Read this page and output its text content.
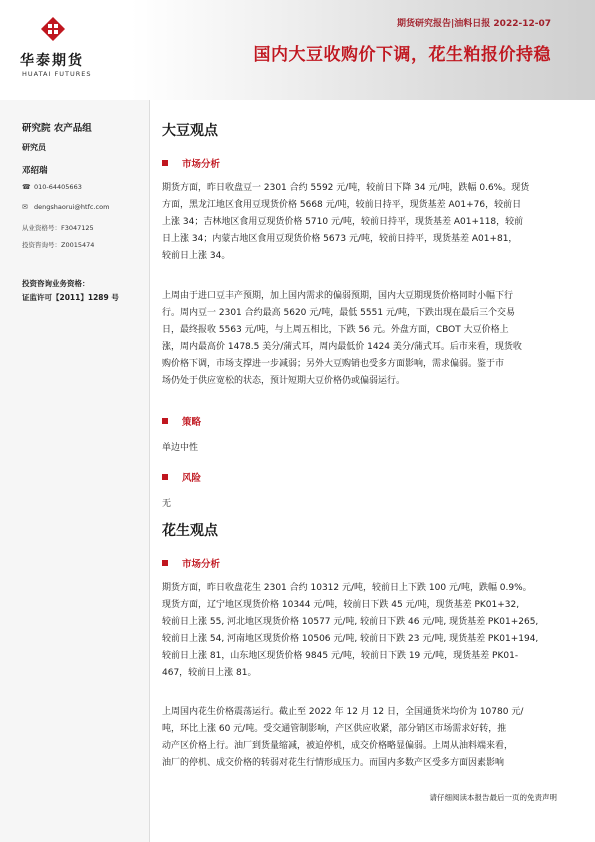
华泰期货
HUATAI FUTURES
期货研究报告|油料日报 2022-12-07
国内大豆收购价下调，花生粕报价持稳
研究院 农产品组
研究员
邓绍瑞
☎ 010-64405663
✉ dengshaorui@htfc.com
从业资格号：F3047125
投资咨询号：Z0015474
投资咨询业务资格：
证监许可【2011】1289 号
大豆观点
市场分析
期货方面，昨日收盘豆一 2301 合约 5592 元/吨，较前日下降 34 元/吨，跌幅 0.6%。现货
方面，黑龙江地区食用豆现货价格 5668 元/吨，较前日持平，现货基差 A01+76，较前日
上涨 34；吉林地区食用豆现货价格 5710 元/吨，较前日持平，现货基差 A01+118，较前
日上涨 34；内蒙古地区食用豆现货价格 5673 元/吨，较前日持平，现货基差 A01+81，
较前日上涨 34。
上周由于进口豆丰产预期，加上国内需求的偏弱预期，国内大豆期现货价格同时小幅下行
行。周内豆一 2301 合约最高 5620 元/吨，最低 5551 元/吨，下跌出现在最后三个交易
日，最终报收 5563 元/吨，与上周五相比，下跌 56 元。外盘方面，CBOT 大豆价格上
涨，周内最高价 1478.5 美分/蒲式耳，周内最低价 1424 美分/蒲式耳。后市来看，现货收
购价格下调，市场支撑进一步减弱；另外大豆购销也受多方面影响，需求偏弱。鉴于市
场仍处于供应宽松的状态，预计短期大豆价格仍或偏弱运行。
策略
单边中性
风险
无
花生观点
市场分析
期货方面，昨日收盘花生 2301 合约 10312 元/吨，较前日上下跌 100 元/吨，跌幅 0.9%。
现货方面，辽宁地区现货价格 10344 元/吨，较前日下跌 45 元/吨，现货基差 PK01+32,
较前日上涨 55, 河北地区现货价格 10577 元/吨, 较前日下跌 46 元/吨, 现货基差 PK01+265,
较前日上涨 54, 河南地区现货价格 10506 元/吨, 较前日下跌 23 元/吨, 现货基差 PK01+194,
较前日上涨 81，山东地区现货价格 9845 元/吨，较前日下跌 19 元/吨，现货基差 PK01-
467，较前日上涨 81。
上周国内花生价格震荡运行。截止至 2022 年 12 月 12 日，全国通货米均价为 10780 元/
吨，环比上涨 60 元/吨。受交通管制影响，产区供应收紧，部分销区市场需求好转，推
动产区价格上行。油厂到货量缩减，被迫停机，成交价格略显偏弱。上周从油料端来看，
油厂的停机、成交价格的转弱对花生行情形成压力。而国内多数产区受多方面因素影响
请仔细阅读本报告最后一页的免责声明
